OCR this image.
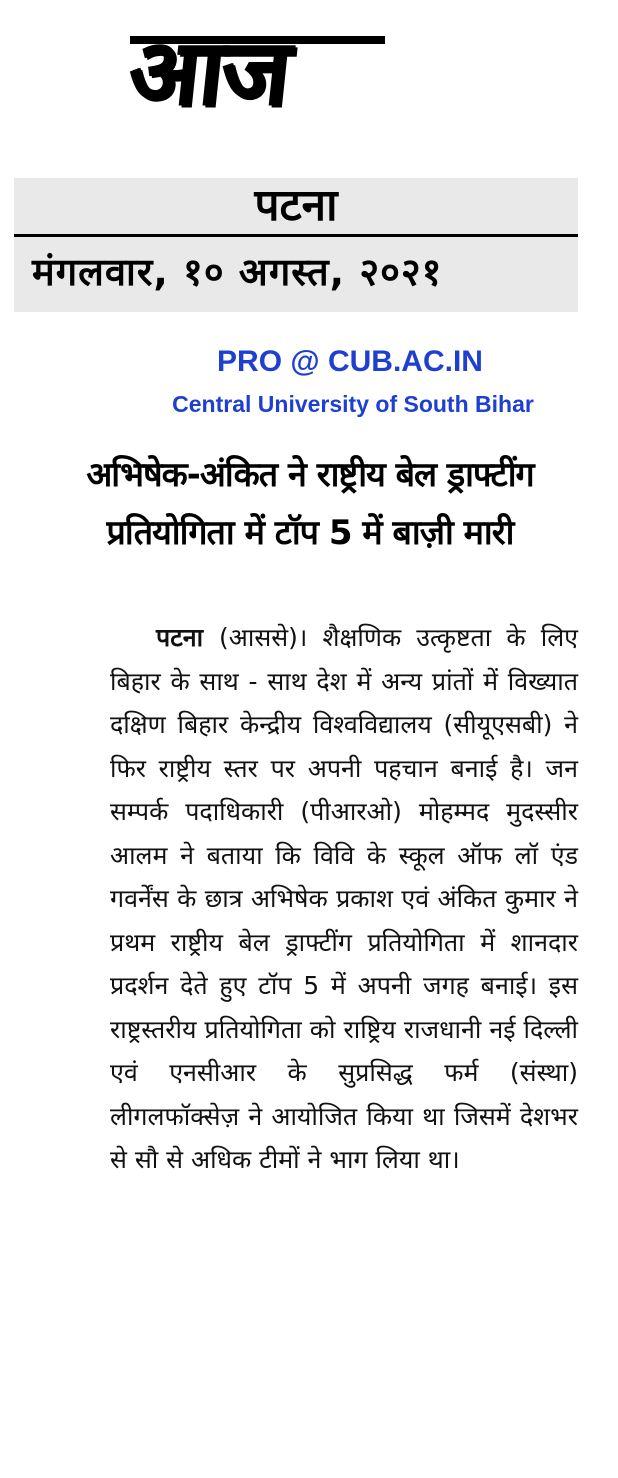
आज
पटना
मंगलवार, १० अगस्त, २०२१
PRO @ CUB.AC.IN
Central University of South Bihar
अभिषेक-अंकित ने राष्ट्रीय बेल ड्राफ्टींग
प्रतियोगिता में टॉप 5 में बाज़ी मारी
पटना (आससे)। शैक्षणिक उत्कृष्टता के लिए बिहार के साथ - साथ देश में अन्य प्रांतों में विख्यात दक्षिण बिहार केन्द्रीय विश्वविद्यालय (सीयूएसबी) ने फिर राष्ट्रीय स्तर पर अपनी पहचान बनाई है। जन सम्पर्क पदाधिकारी (पीआरओ) मोहम्मद मुदस्सीर आलम ने बताया कि विवि के स्कूल ऑफ लॉ एंड गवर्नेंस के छात्र अभिषेक प्रकाश एवं अंकित कुमार ने प्रथम राष्ट्रीय बेल ड्राफ्टींग प्रतियोगिता में शानदार प्रदर्शन देते हुए टॉप 5 में अपनी जगह बनाई। इस राष्ट्रस्तरीय प्रतियोगिता को राष्ट्रिय राजधानी नई दिल्ली एवं एनसीआर के सुप्रसिद्ध फर्म (संस्था) लीगलफॉक्सेज़ ने आयोजित किया था जिसमें देशभर से सौ से अधिक टीमों ने भाग लिया था।
